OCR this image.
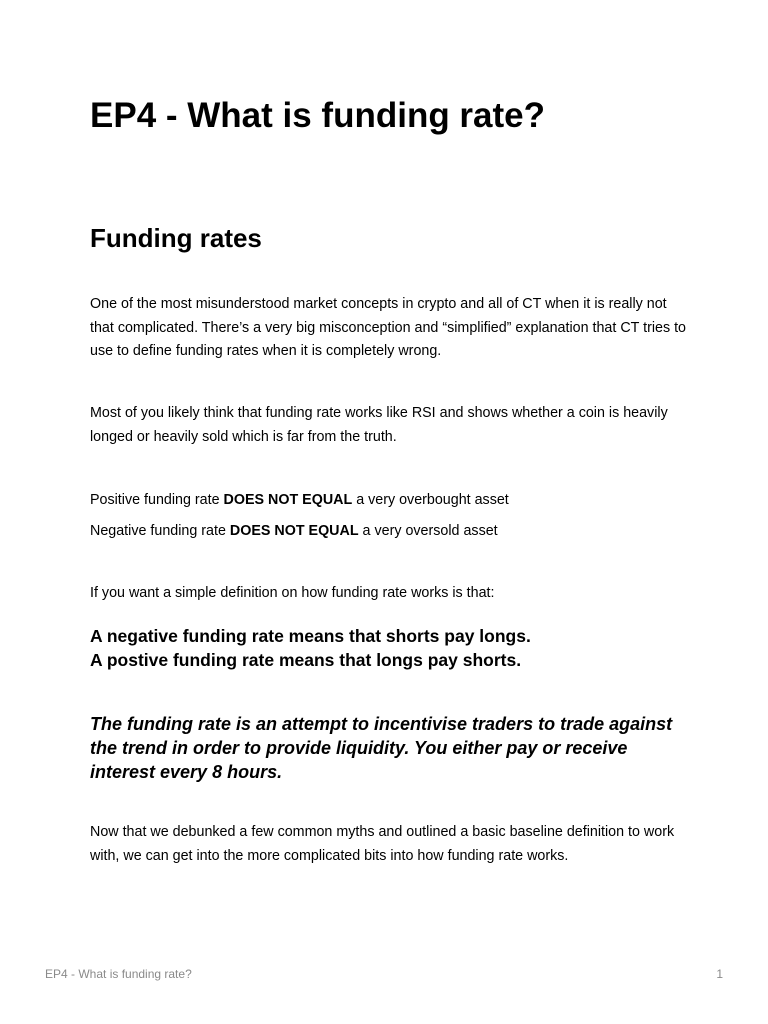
EP4 - What is funding rate?
Funding rates

One of the most misunderstood market concepts in crypto and all of CT when it is really not that complicated. There’s a very big misconception and “simplified” explanation that CT tries to use to define funding rates when it is completely wrong.

Most of you likely think that funding rate works like RSI and shows whether a coin is heavily longed or heavily sold which is far from the truth.

Positive funding rate DOES NOT EQUAL a very overbought asset

Negative funding rate DOES NOT EQUAL a very oversold asset

If you want a simple definition on how funding rate works is that:

A negative funding rate means that shorts pay longs.

A postive funding rate means that longs pay shorts.

The funding rate is an attempt to incentivise traders to trade against the trend in order to provide liquidity. You either pay or receive interest every 8 hours.

Now that we debunked a few common myths and outlined a basic baseline definition to work with, we can get into the more complicated bits into how funding rate works.

EP4 - What is funding rate?	1
